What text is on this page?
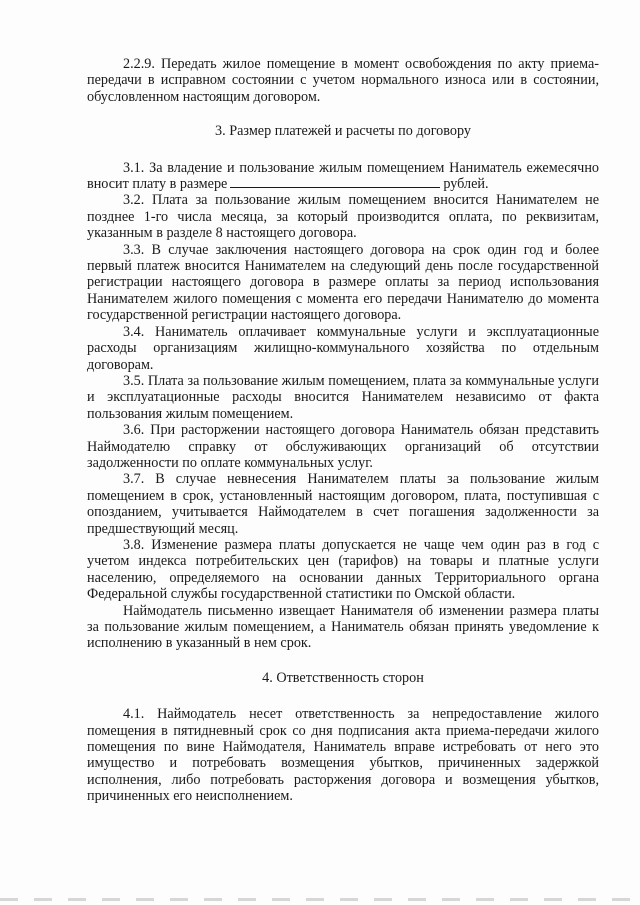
2.2.9. Передать жилое помещение в момент освобождения по акту приема-передачи в исправном состоянии с учетом нормального износа или в состоянии, обусловленном настоящим договором.

3. Размер платежей и расчеты по договору

3.1. За владение и пользование жилым помещением Наниматель ежемесячно вносит плату в размере	рублей.

3.2. Плата за пользование жилым помещением вносится Нанимателем не позднее 1-го числа месяца, за который производится оплата, по реквизитам, указанным в разделе 8 настоящего договора.

3.3. В случае заключения настоящего договора на срок один год и более первый платеж вносится Нанимателем на следующий день после государственной регистрации настоящего договора в размере оплаты за период использования Нанимателем жилого помещения с момента его передачи Нанимателю до момента государственной регистрации настоящего договора.

3.4. Наниматель оплачивает коммунальные услуги и эксплуатационные расходы организациям жилищно-коммунального хозяйства по отдельным договорам.

3.5. Плата за пользование жилым помещением, плата за коммунальные услуги и эксплуатационные расходы вносится Нанимателем независимо от факта пользования жилым помещением.

3.6. При расторжении настоящего договора Наниматель обязан представить Наймодателю справку от обслуживающих организаций об отсутствии задолженности по оплате коммунальных услуг.

3.7. В случае невнесения Нанимателем платы за пользование жилым помещением в срок, установленный настоящим договором, плата, поступившая с опозданием, учитывается Наймодателем в счет погашения задолженности за предшествующий месяц.

3.8. Изменение размера платы допускается не чаще чем один раз в год с учетом индекса потребительских цен (тарифов) на товары и платные услуги населению, определяемого на основании данных Территориального органа Федеральной службы государственной статистики по Омской области.

Наймодатель письменно извещает Нанимателя об изменении размера платы за пользование жилым помещением, а Наниматель обязан принять уведомление к исполнению в указанный в нем срок.

4. Ответственность сторон

4.1. Наймодатель несет ответственность за непредоставление жилого помещения в пятидневный срок со дня подписания акта приема-передачи жилого помещения по вине Наймодателя, Наниматель вправе истребовать от него это имущество и потребовать возмещения убытков, причиненных задержкой исполнения, либо потребовать расторжения договора и возмещения убытков, причиненных его неисполнением.
